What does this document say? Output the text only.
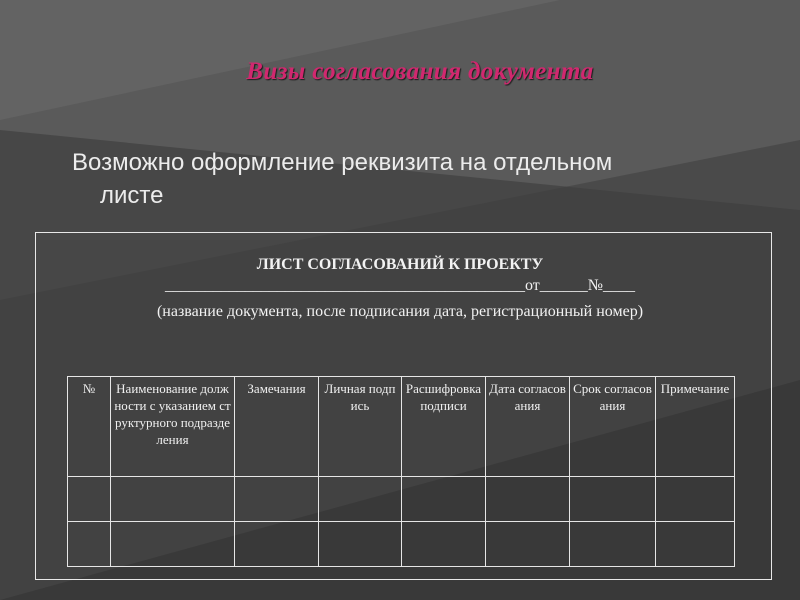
Визы согласования документа
Возможно оформление реквизита на отдельном
листе
ЛИСТ СОГЛАСОВАНИЙ К ПРОЕКТУ
_____________________________________________от______№____
(название документа, после подписания дата, регистрационный номер)
№	Наименование должности с указанием структурного подразделения	Замечания	Личная подпись	Расшифровка подписи	Дата согласования	Срок согласования	Примечание
